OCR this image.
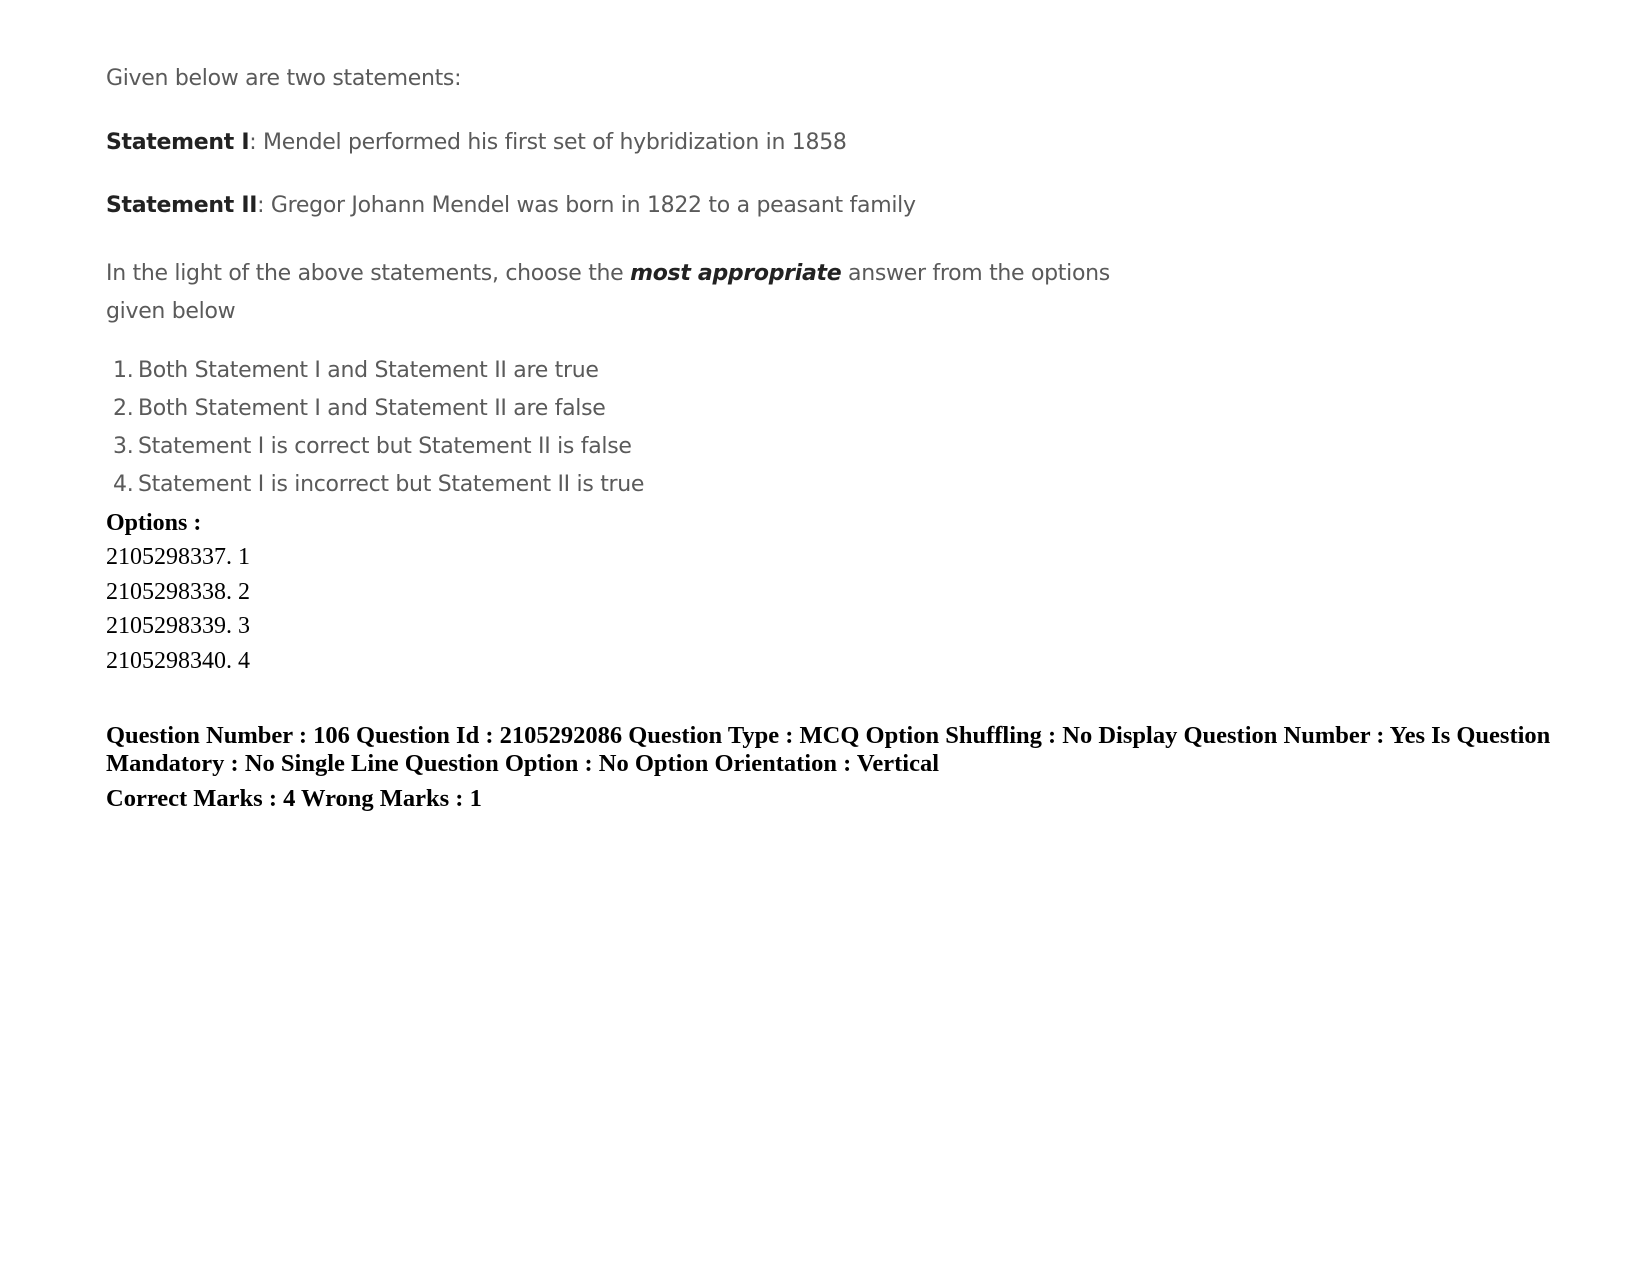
Given below are two statements:

Statement I: Mendel performed his first set of hybridization in 1858

Statement II: Gregor Johann Mendel was born in 1822 to a peasant family

In the light of the above statements, choose the most appropriate answer from the options given below

1. Both Statement I and Statement II are true
2. Both Statement I and Statement II are false
3. Statement I is correct but Statement II is false
4. Statement I is incorrect but Statement II is true
Options :
2105298337. 1
2105298338. 2
2105298339. 3
2105298340. 4
Question Number : 106 Question Id : 2105292086 Question Type : MCQ Option Shuffling : No Display Question Number : Yes Is Question Mandatory : No Single Line Question Option : No Option Orientation : Vertical
Correct Marks : 4 Wrong Marks : 1
